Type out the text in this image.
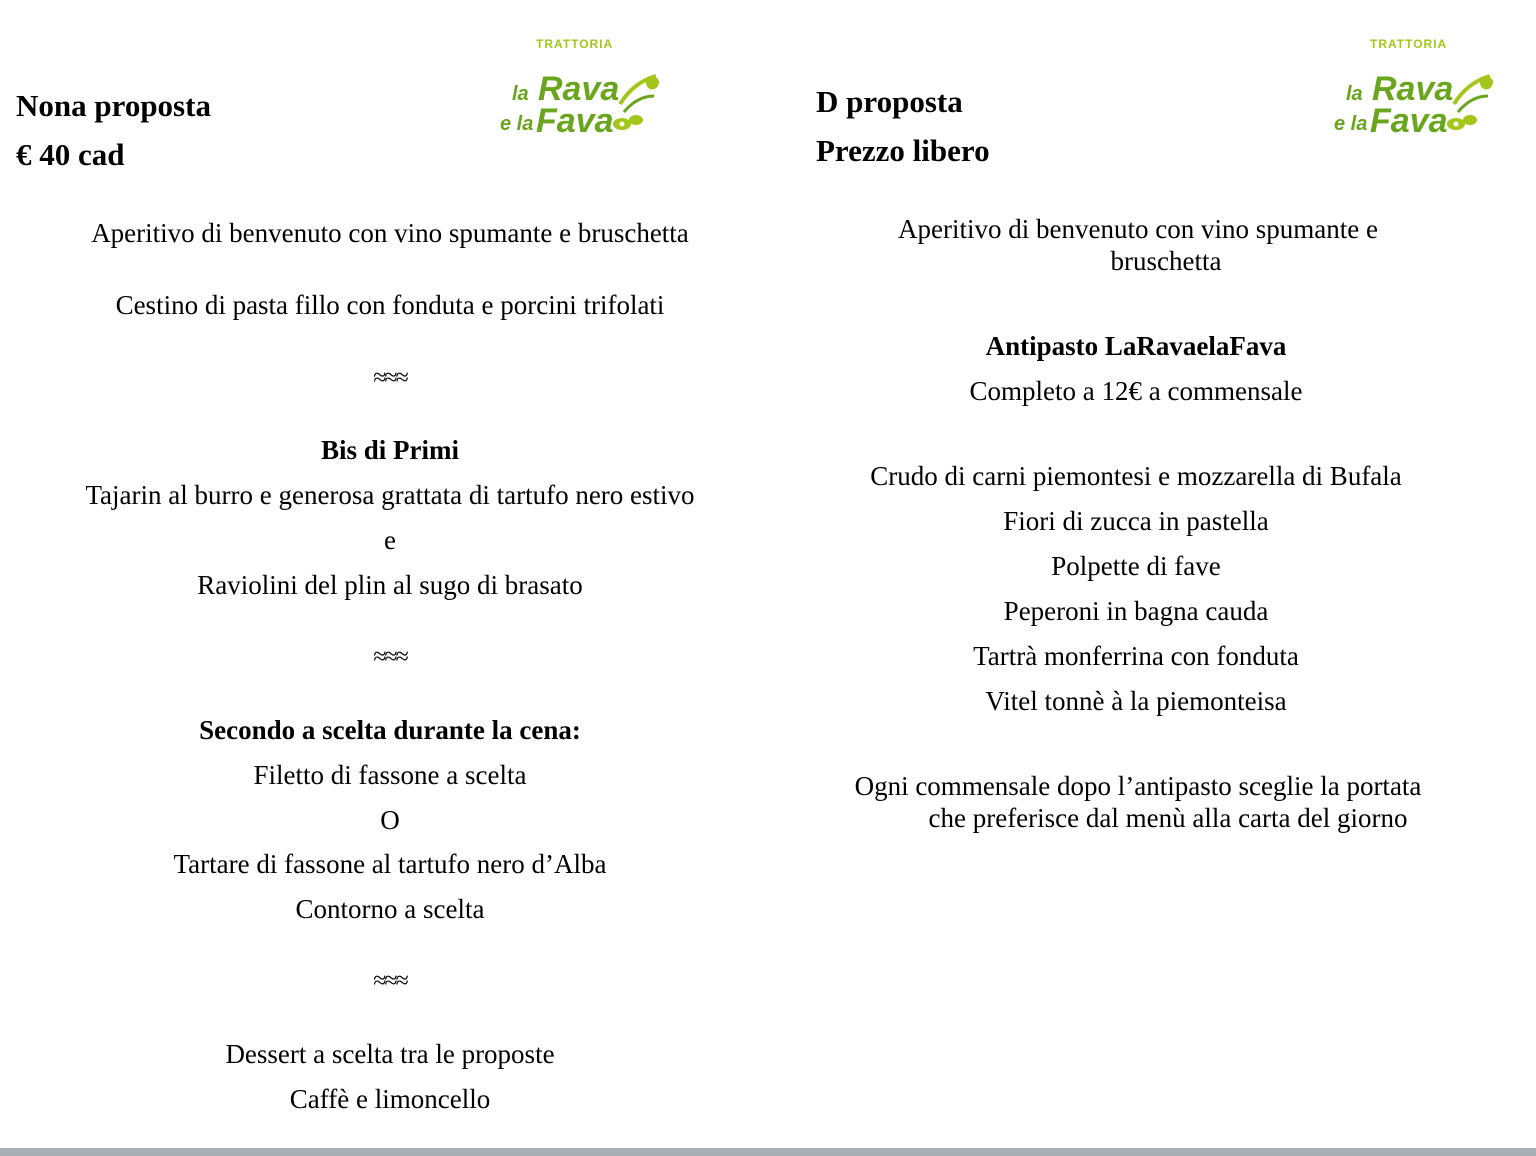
Nona proposta
€ 40 cad
TRATTORIA
la Rava
e la Fava
Aperitivo di benvenuto con vino spumante e bruschetta
Cestino di pasta fillo con fonduta e porcini trifolati
≈≈≈
Bis di Primi
Tajarin al burro e generosa grattata di tartufo nero estivo
e
Raviolini del plin al sugo di brasato
≈≈≈
Secondo a scelta durante la cena:
Filetto di fassone a scelta
O
Tartare di fassone al tartufo nero d’Alba
Contorno a scelta
≈≈≈
Dessert a scelta tra le proposte
Caffè e limoncello
D proposta
Prezzo libero
TRATTORIA
la Rava
e la Fava
Aperitivo di benvenuto con vino spumante e
bruschetta
Antipasto LaRavaelaFava
Completo a 12€ a commensale
Crudo di carni piemontesi e mozzarella di Bufala
Fiori di zucca in pastella
Polpette di fave
Peperoni in bagna cauda
Tartrà monferrina con fonduta
Vitel tonnè à la piemonteisa
Ogni commensale dopo l’antipasto sceglie la portata
che preferisce dal menù alla carta del giorno
